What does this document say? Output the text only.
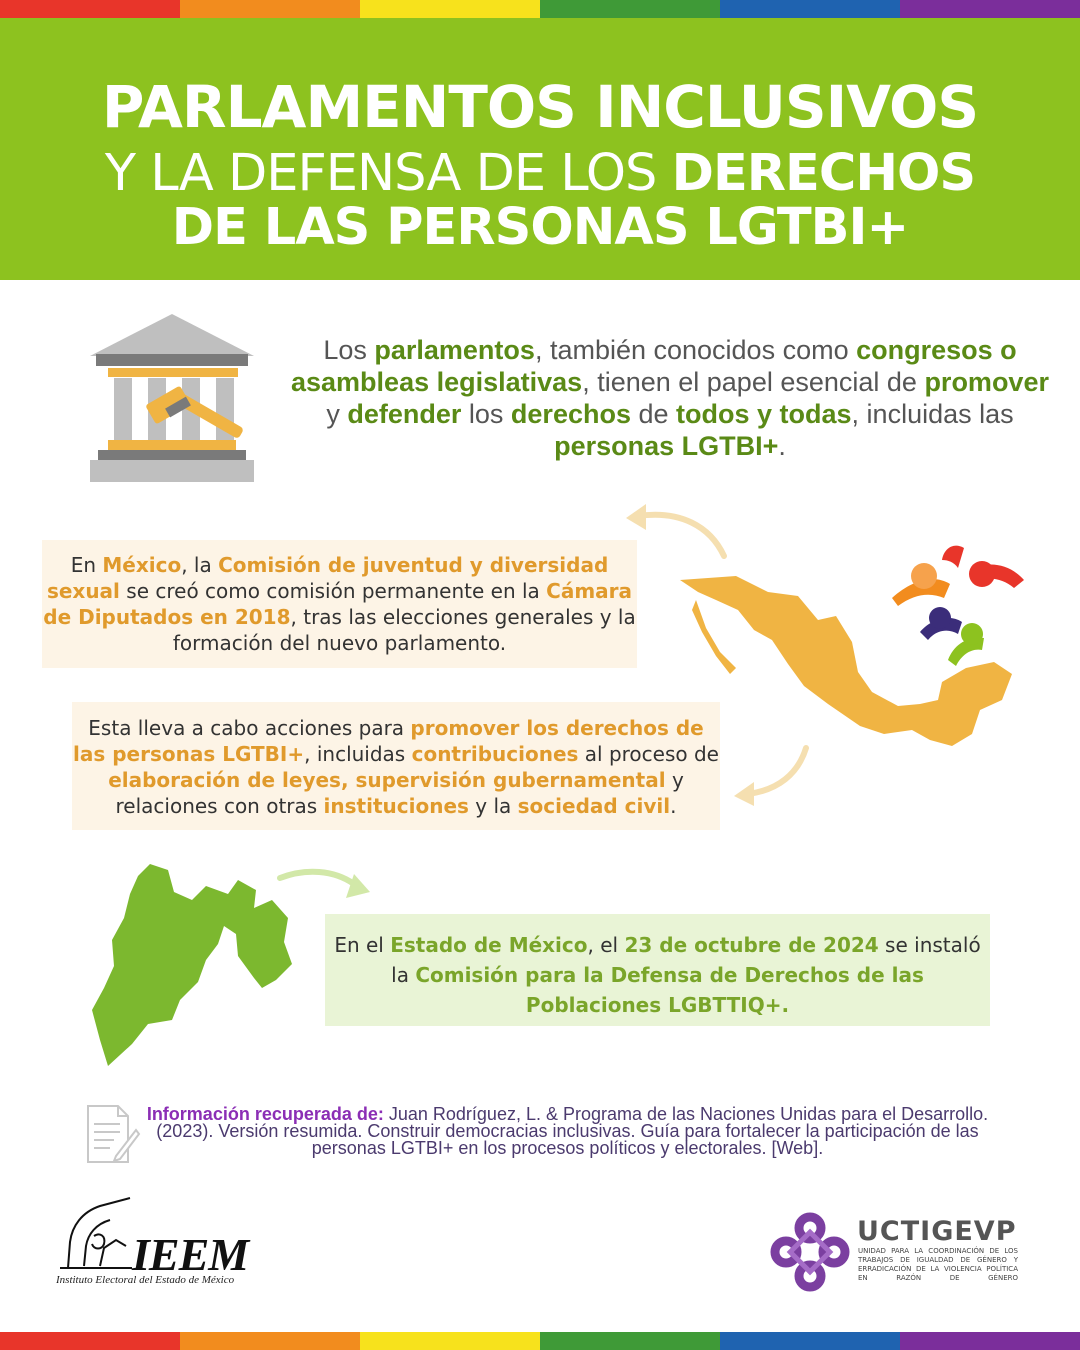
PARLAMENTOS INCLUSIVOS
Y LA DEFENSA DE LOS DERECHOS
DE LAS PERSONAS LGTBI+
Los parlamentos, también conocidos como congresos o asambleas legislativas, tienen el papel esencial de promover y defender los derechos de todos y todas, incluidas las personas LGTBI+.
En México, la Comisión de juventud y diversidad sexual se creó como comisión permanente en la Cámara de Diputados en 2018, tras las elecciones generales y la formación del nuevo parlamento.
Esta lleva a cabo acciones para promover los derechos de las personas LGTBI+, incluidas contribuciones al proceso de elaboración de leyes, supervisión gubernamental y relaciones con otras instituciones y la sociedad civil.
En el Estado de México, el 23 de octubre de 2024 se instaló la Comisión para la Defensa de Derechos de las Poblaciones LGBTTIQ+.
Información recuperada de: Juan Rodríguez, L. & Programa de las Naciones Unidas para el Desarrollo. (2023). Versión resumida. Construir democracias inclusivas. Guía para fortalecer la participación de las personas LGTBI+ en los procesos políticos y electorales. [Web].
IEEM
Instituto Electoral del Estado de México
UCTIGEVP
UNIDAD PARA LA COORDINACIÓN DE LOS TRABAJOS DE IGUALDAD DE GÉNERO Y ERRADICACIÓN DE LA VIOLENCIA POLÍTICA EN RAZÓN DE GÉNERO
